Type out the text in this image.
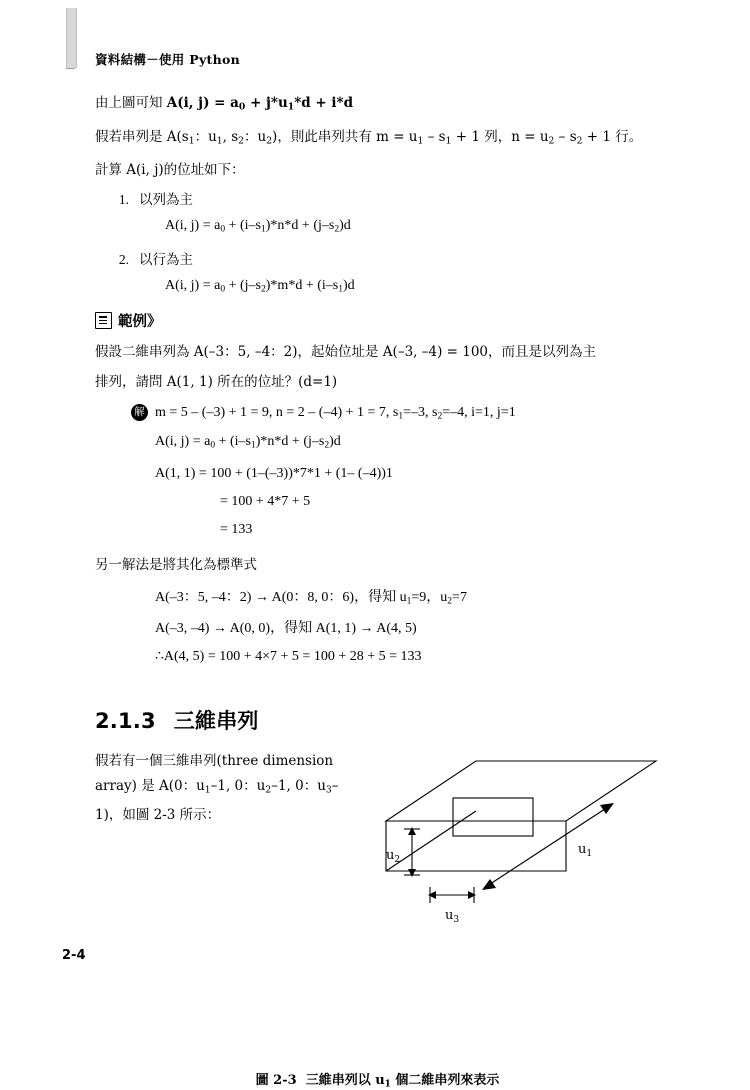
資料結構－使用 Python

由上圖可知 A(i, $j) = a_0 + j*u_1*d + i*d$

假若串列是 $A(s_1$：$u_1$, $s_2$：$u_2$)，則此串列共有 $m = u_1 - s_1 + 1$ 列，$n = u_2 - s_2 + 1$ 行。

計算 A(i, j)的位址如下：

1. 以列為主
A(i, $j) = a_0 + (i-s_1)*n*d + (j-s_2)d$
2. 以行為主
A(i, $j) = a_0 + (j-s_2)*m*d + (i-s_1)d$
範例》

假設二維串列為 A(–3：5, –4：2)，起始位址是 A(–3, –4) = 100，而且是以列為主

排列，請問 A(1, 1) 所在的位址？(d=1)

解 m = 5 – (–3) + 1 = 9, n = 2 – (–4) + 1 = 7, $s_1=-3$, $s_2=-4$, i=1, j=1
A(i, $j) = a_0 + (i-s_1)*n*d + (j-s_2)d$
A(1, 1) = 100 + (1–(–3))*7*1 + (1– (–4))1
= 100 + 4*7 + 5
= 133

另一解法是將其化為標準式

A(–3：5, –4：2) → A(0：8, 0：6)，得知 $u_1=9$，$u_2=7$
A(–3, –4) → A(0, 0)，得知 A(1, 1) → A(4, 5)
∴A(4, 5) = 100 + 4×7 + 5 = 100 + 28 + 5 = 133
2.1.3 三維串列
假若有一個三維串列(three dimension
array) 是 A(0：$u_1-1$, 0：$u_2-1$, 0：$u_3-$
1)，如圖 2-3 所示：
$u_1$
$u_2$
$u_3$
圖 2-3  三維串列以 $u_1$ 個二維串列來表示
2-4
